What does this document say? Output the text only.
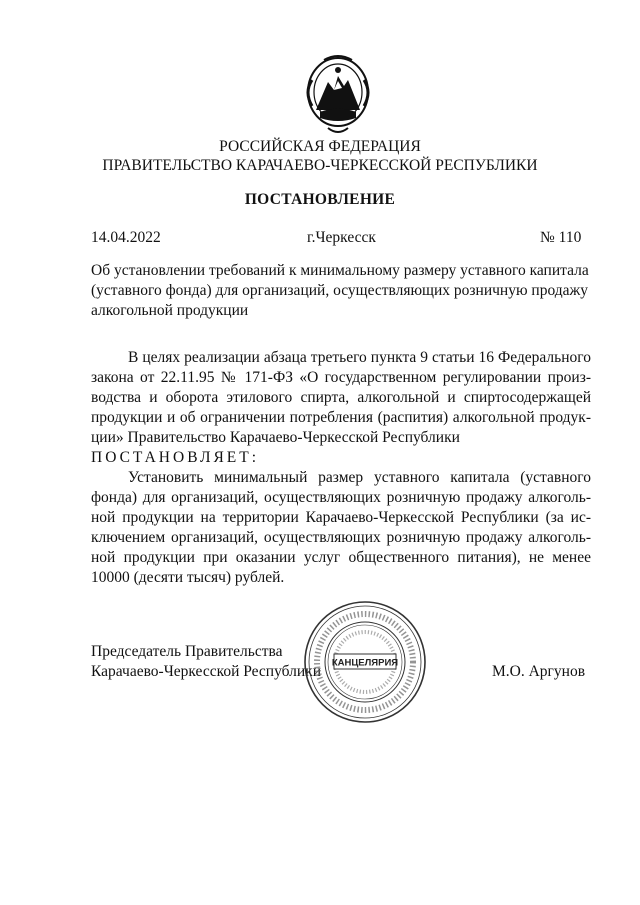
РОССИЙСКАЯ ФЕДЕРАЦИЯ
ПРАВИТЕЛЬСТВО КАРАЧАЕВО-ЧЕРКЕССКОЙ РЕСПУБЛИКИ
ПОСТАНОВЛЕНИЕ
14.04.2022	г.Черкесск	№ 110
Об установлении требований к минимальному размеру уставного капитала
(уставного фонда) для организаций, осуществляющих розничную продажу
алкогольной продукции
В целях реализации абзаца третьего пункта 9 статьи 16 Федерального
закона от 22.11.95 № 171-ФЗ «О государственном регулировании произ-
водства и оборота этилового спирта, алкогольной и спиртосодержащей
продукции и об ограничении потребления (распития) алкогольной продук-
ции» Правительство Карачаево-Черкесской Республики
ПОСТАНОВЛЯЕТ:
Установить минимальный размер уставного капитала (уставного
фонда) для организаций, осуществляющих розничную продажу алкоголь-
ной продукции на территории Карачаево-Черкесской Республики (за ис-
ключением организаций, осуществляющих розничную продажу алкоголь-
ной продукции при оказании услуг общественного питания), не менее
10000 (десяти тысяч) рублей.
Председатель Правительства
Карачаево-Черкесской Республики	М.О. Аргунов
КАНЦЕЛЯРИЯ
